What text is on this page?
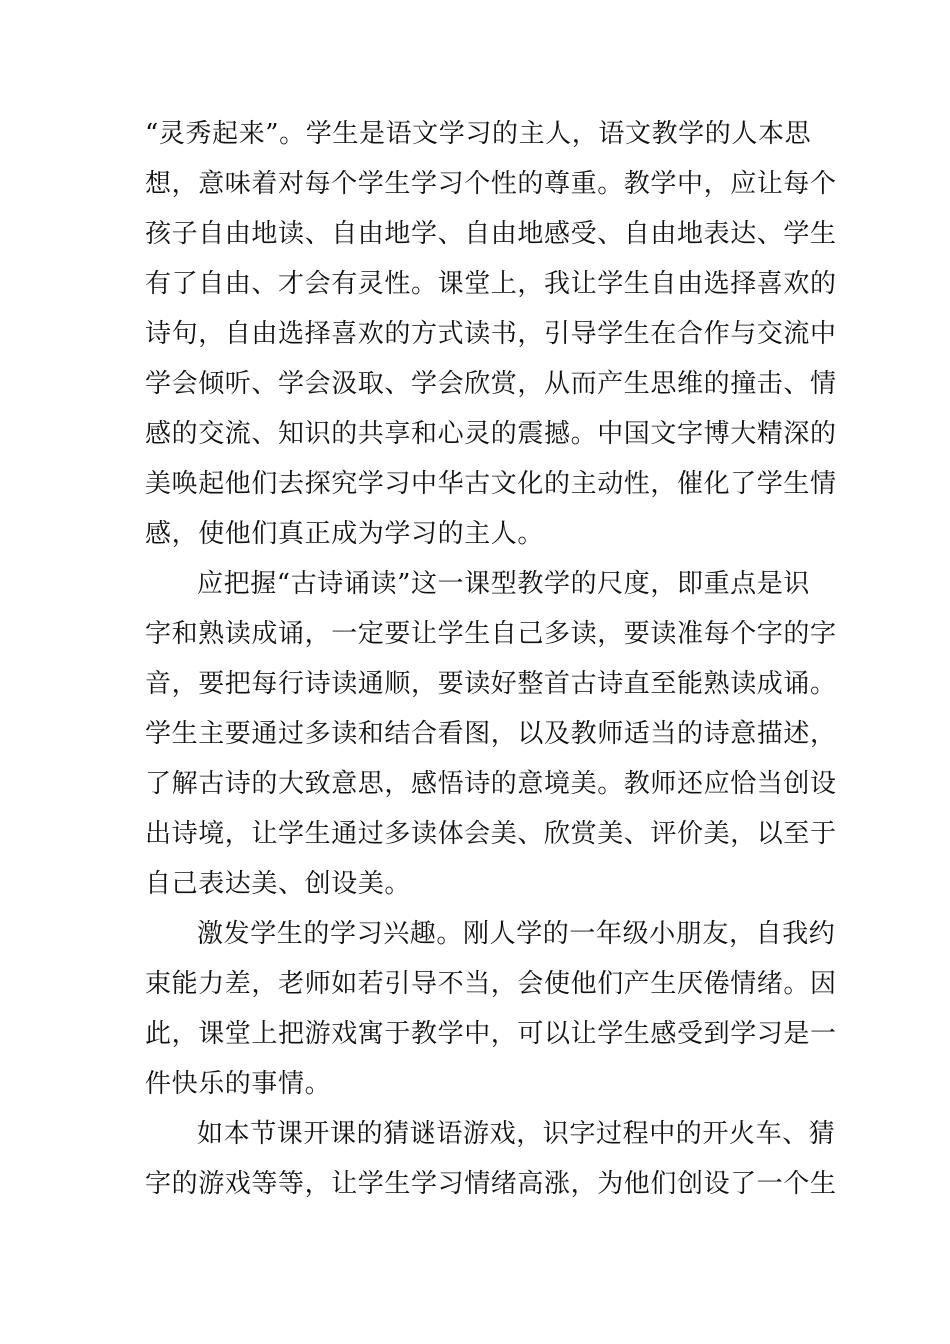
“灵秀起来”。学生是语文学习的主人，语文教学的人本思
想，意味着对每个学生学习个性的尊重。教学中，应让每个
孩子自由地读、自由地学、自由地感受、自由地表达、学生
有了自由、才会有灵性。课堂上，我让学生自由选择喜欢的
诗句，自由选择喜欢的方式读书，引导学生在合作与交流中
学会倾听、学会汲取、学会欣赏，从而产生思维的撞击、情
感的交流、知识的共享和心灵的震撼。中国文字博大精深的
美唤起他们去探究学习中华古文化的主动性，催化了学生情
感，使他们真正成为学习的主人。
应把握“古诗诵读”这一课型教学的尺度，即重点是识
字和熟读成诵，一定要让学生自己多读，要读准每个字的字
音，要把每行诗读通顺，要读好整首古诗直至能熟读成诵。
学生主要通过多读和结合看图，以及教师适当的诗意描述，
了解古诗的大致意思，感悟诗的意境美。教师还应恰当创设
出诗境，让学生通过多读体会美、欣赏美、评价美，以至于
自己表达美、创设美。
激发学生的学习兴趣。刚人学的一年级小朋友，自我约
束能力差，老师如若引导不当，会使他们产生厌倦情绪。因
此，课堂上把游戏寓于教学中，可以让学生感受到学习是一
件快乐的事情。
如本节课开课的猜谜语游戏，识字过程中的开火车、猜
字的游戏等等，让学生学习情绪高涨，为他们创设了一个生
